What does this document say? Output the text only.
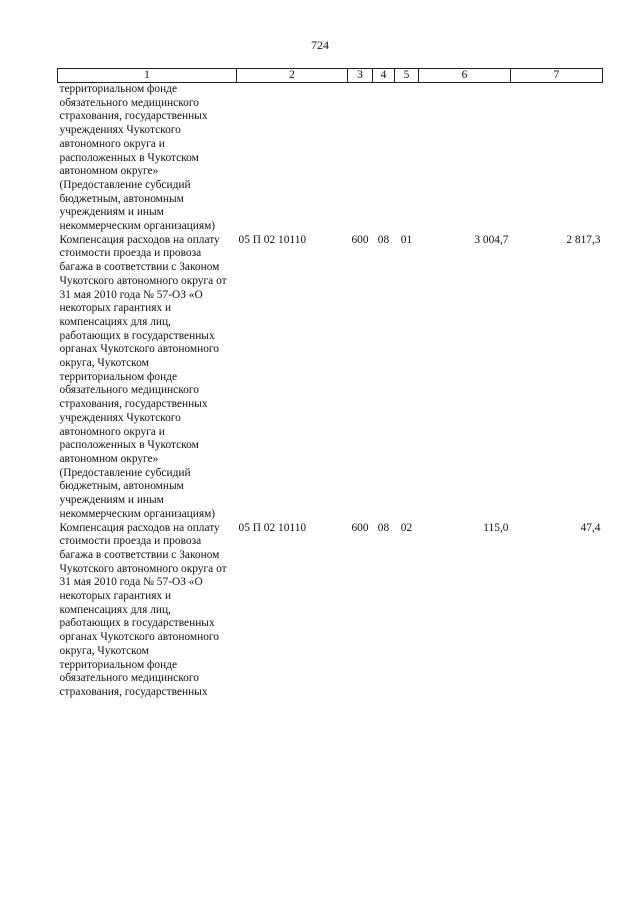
724
1	2	3	4	5	6	7
территориальном фонде обязательного медицинского страхования, государственных учреждениях Чукотского автономного округа и расположенных в Чукотском автономном округе» (Предоставление субсидий бюджетным, автономным учреждениям и иным некоммерческим организациям)						
Компенсация расходов на оплату стоимости проезда и провоза багажа в соответствии с Законом Чукотского автономного округа от 31 мая 2010 года № 57-ОЗ «О некоторых гарантиях и компенсациях для лиц, работающих в государственных органах Чукотского автономного округа, Чукотском территориальном фонде обязательного медицинского страхования, государственных учреждениях Чукотского автономного округа и расположенных в Чукотском автономном округе» (Предоставление субсидий бюджетным, автономным учреждениям и иным некоммерческим организациям)	05 П 02 10110	600	08	01	3 004,7	2 817,3
Компенсация расходов на оплату стоимости проезда и провоза багажа в соответствии с Законом Чукотского автономного округа от 31 мая 2010 года № 57-ОЗ «О некоторых гарантиях и компенсациях для лиц, работающих в государственных органах Чукотского автономного округа, Чукотском территориальном фонде обязательного медицинского страхования, государственных	05 П 02 10110	600	08	02	115,0	47,4
